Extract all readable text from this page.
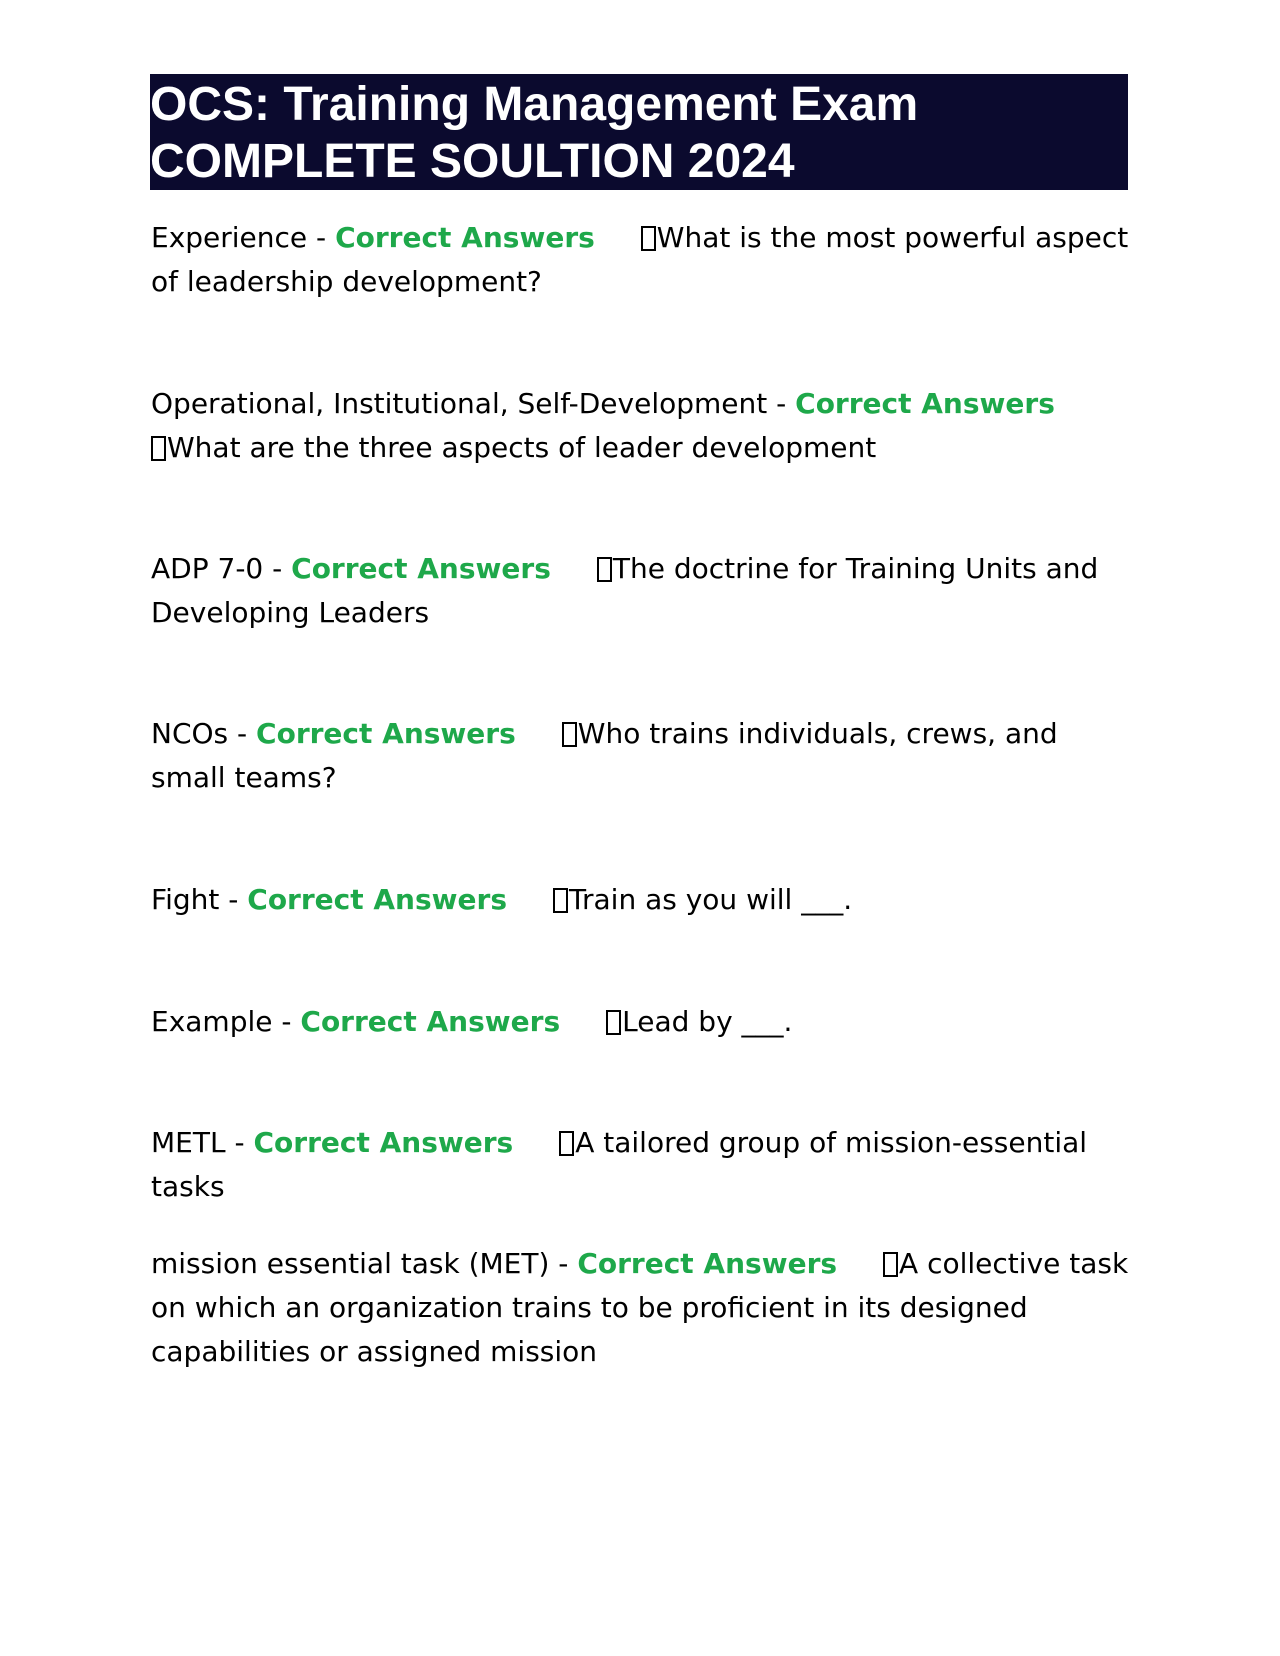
OCS: Training Management Exam
COMPLETE SOULTION 2024
Experience - Correct Answers What is the most powerful aspect of leadership development?
Operational, Institutional, Self-Development - Correct Answers
What are the three aspects of leader development
ADP 7-0 - Correct Answers The doctrine for Training Units and Developing Leaders
NCOs - Correct Answers Who trains individuals, crews, and small teams?
Fight - Correct Answers Train as you will ___.
Example - Correct Answers Lead by ___.
METL - Correct Answers A tailored group of mission-essential tasks
mission essential task (MET) - Correct Answers A collective task on which an organization trains to be proficient in its designed capabilities or assigned mission
